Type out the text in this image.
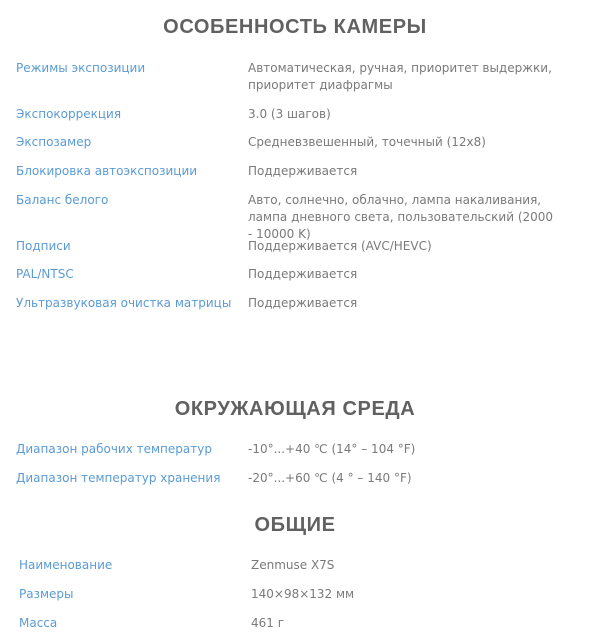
ОСОБЕННОСТЬ КАМЕРЫ
Режимы экспозиции	Автоматическая, ручная, приоритет выдержки, приоритет диафрагмы
Экспокоррекция	3.0 (3 шагов)
Экспозамер	Средневзвешенный, точечный (12x8)
Блокировка автоэкспозиции	Поддерживается
Баланс белого	Авто, солнечно, облачно, лампа накаливания, лампа дневного света, пользовательский (2000 - 10000 K)
Подписи	Поддерживается (AVC/HEVC)
PAL/NTSC	Поддерживается
Ультразвуковая очистка матрицы Поддерживается
ОКРУЖАЮЩАЯ СРЕДА
Диапазон рабочих температур	-10°...+40 ℃ (14° – 104 °F)
Диапазон температур хранения -20°...+60 ℃ (4 ° – 140 °F)
ОБЩИЕ
Наименование	Zenmuse X7S
Размеры	140×98×132 мм
Масса	461 г
